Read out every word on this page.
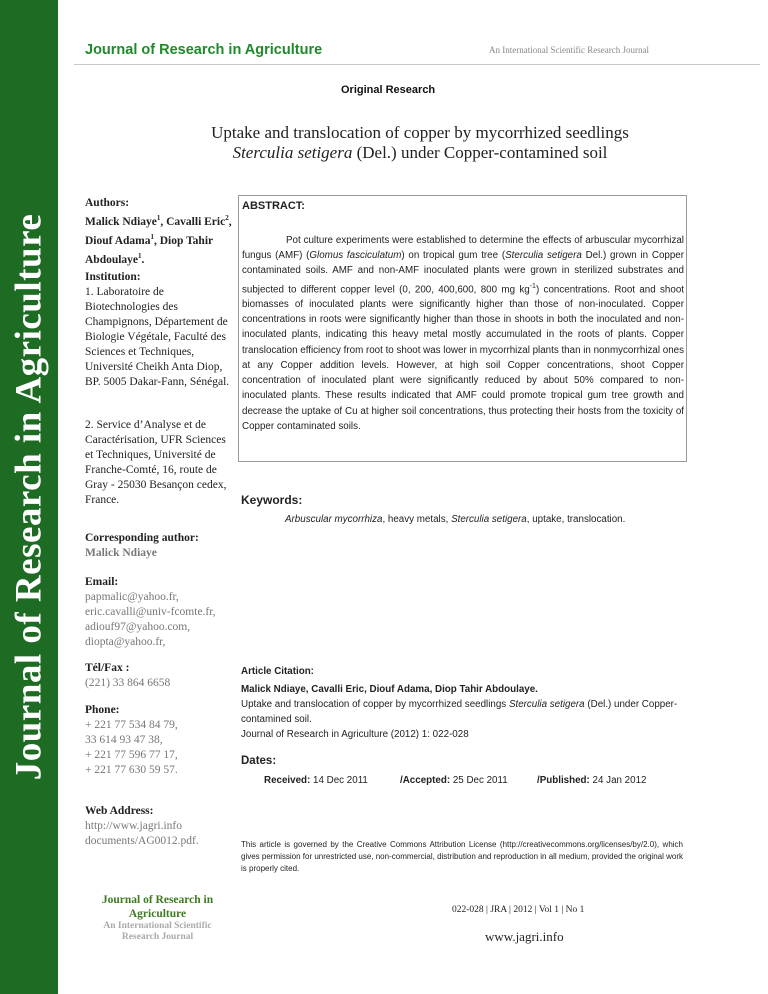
Journal of Research in Agriculture
Journal of Research in Agriculture	An International Scientific Research Journal
Original Research
Uptake and translocation of copper by mycorrhized seedlings
Sterculia setigera (Del.) under Copper-contamined soil
Authors:
Malick Ndiaye$^1$, Cavalli Eric$^2$, Diouf Adama$^1$, Diop Tahir Abdoulaye$^1$.
Institution:
1. Laboratoire de Biotechnologies des Champignons, Département de Biologie Végétale, Faculté des Sciences et Techniques, Université Cheikh Anta Diop, BP. 5005 Dakar-Fann, Sénégal.
2. Service d’Analyse et de Caractérisation, UFR Sciences et Techniques, Université de Franche-Comté, 16, route de Gray - 25030 Besançon cedex, France.
Corresponding author:
Malick Ndiaye
Email:
papmalic@yahoo.fr,
eric.cavalli@univ-fcomte.fr,
adiouf97@yahoo.com,
diopta@yahoo.fr,
Tél/Fax :
(221) 33 864 6658
Phone:
+ 221 77 534 84 79,
33 614 93 47 38,
+ 221 77 596 77 17,
+ 221 77 630 59 57.
Web Address:
http://www.jagri.info
documents/AG0012.pdf.
ABSTRACT:
Pot culture experiments were established to determine the effects of arbuscular mycorrhizal fungus (AMF) (Glomus fasciculatum) on tropical gum tree (Sterculia setigera Del.) grown in Copper contaminated soils. AMF and non-AMF inoculated plants were grown in sterilized substrates and subjected to different copper level (0, 200, 400,600, 800 mg $kg^{-1}$) concentrations. Root and shoot biomasses of inoculated plants were significantly higher than those of non-inoculated. Copper concentrations in roots were significantly higher than those in shoots in both the inoculated and non-inoculated plants, indicating this heavy metal mostly accumulated in the roots of plants. Copper translocation efficiency from root to shoot was lower in mycorrhizal plants than in nonmycorrhizal ones at any Copper addition levels. However, at high soil Copper concentrations, shoot Copper concentration of inoculated plant were significantly reduced by about 50% compared to non-inoculated plants. These results indicated that AMF could promote tropical gum tree growth and decrease the uptake of Cu at higher soil concentrations, thus protecting their hosts from the toxicity of Copper contaminated soils.
Keywords:
Arbuscular mycorrhiza, heavy metals, Sterculia setigera, uptake, translocation.
Article Citation:
Malick Ndiaye, Cavalli Eric, Diouf Adama, Diop Tahir Abdoulaye.
Uptake and translocation of copper by mycorrhized seedlings Sterculia setigera (Del.) under Copper-contamined soil.
Journal of Research in Agriculture (2012) 1: 022-028
Dates:
Received: 14 Dec 2011	/Accepted: 25 Dec 2011	/Published: 24 Jan 2012
This article is governed by the Creative Commons Attribution License (http://creativecommons.org/licenses/by/2.0), which gives permission for unrestricted use, non-commercial, distribution and reproduction in all medium, provided the original work is properly cited.
Journal of Research in Agriculture
An International Scientific Research Journal
022-028 | JRA | 2012 | Vol 1 | No 1
www.jagri.info
